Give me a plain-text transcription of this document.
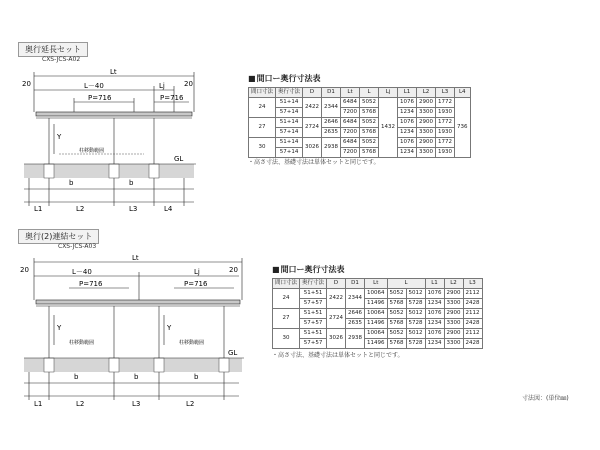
奥行延長セット
CXS-JCS-A02
20	20
Lt
L－40	Lj
P=716	P=716
Y
GL
b	b
L1	L2	L3	L4
柱移動範囲
■ 間口ー奥行寸法表
間口寸法	奥行寸法	D	D1	Lt	L	Lj	L1	L2	L3	L4
24	51+14	2422	2344	6484	5052	1432	1076	2900	1772	736
	57+14			7200	5768		1234	3300	1930	
27	51+14	2724	2646	6484	5052		1076	2900	1772	
	57+14		2635	7200	5768		1234	3300	1930	
30	51+14	3026	2938	6484	5052		1076	2900	1772	
	57+14			7200	5768		1234	3300	1930	
・高さ寸法、基礎寸法は単体セットと同じです。
奥行(2)連結セット
CXS-JCS-A03
20	20
Lt
L－40	Lj
P=716	P=716
Y	Y
GL
b	b	b
L1	L2	L3	L2
柱移動範囲	柱移動範囲
■ 間口ー奥行寸法表
間口寸法	奥行寸法	D	D1	Lt	L		L1	L2	L3
24	51+51	2422	2344	10064	5052	5012	1076	2900	2112
	57+57			11496	5768	5728	1234	3300	2428
27	51+51	2724	2646	10064	5052	5012	1076	2900	2112
	57+57		2635	11496	5768	5728	1234	3300	2428
30	51+51	3026	2938	10064	5052	5012	1076	2900	2112
	57+57			11496	5768	5728	1234	3300	2428
・高さ寸法、基礎寸法は単体セットと同じです。
寸法図：(単位㎜)
